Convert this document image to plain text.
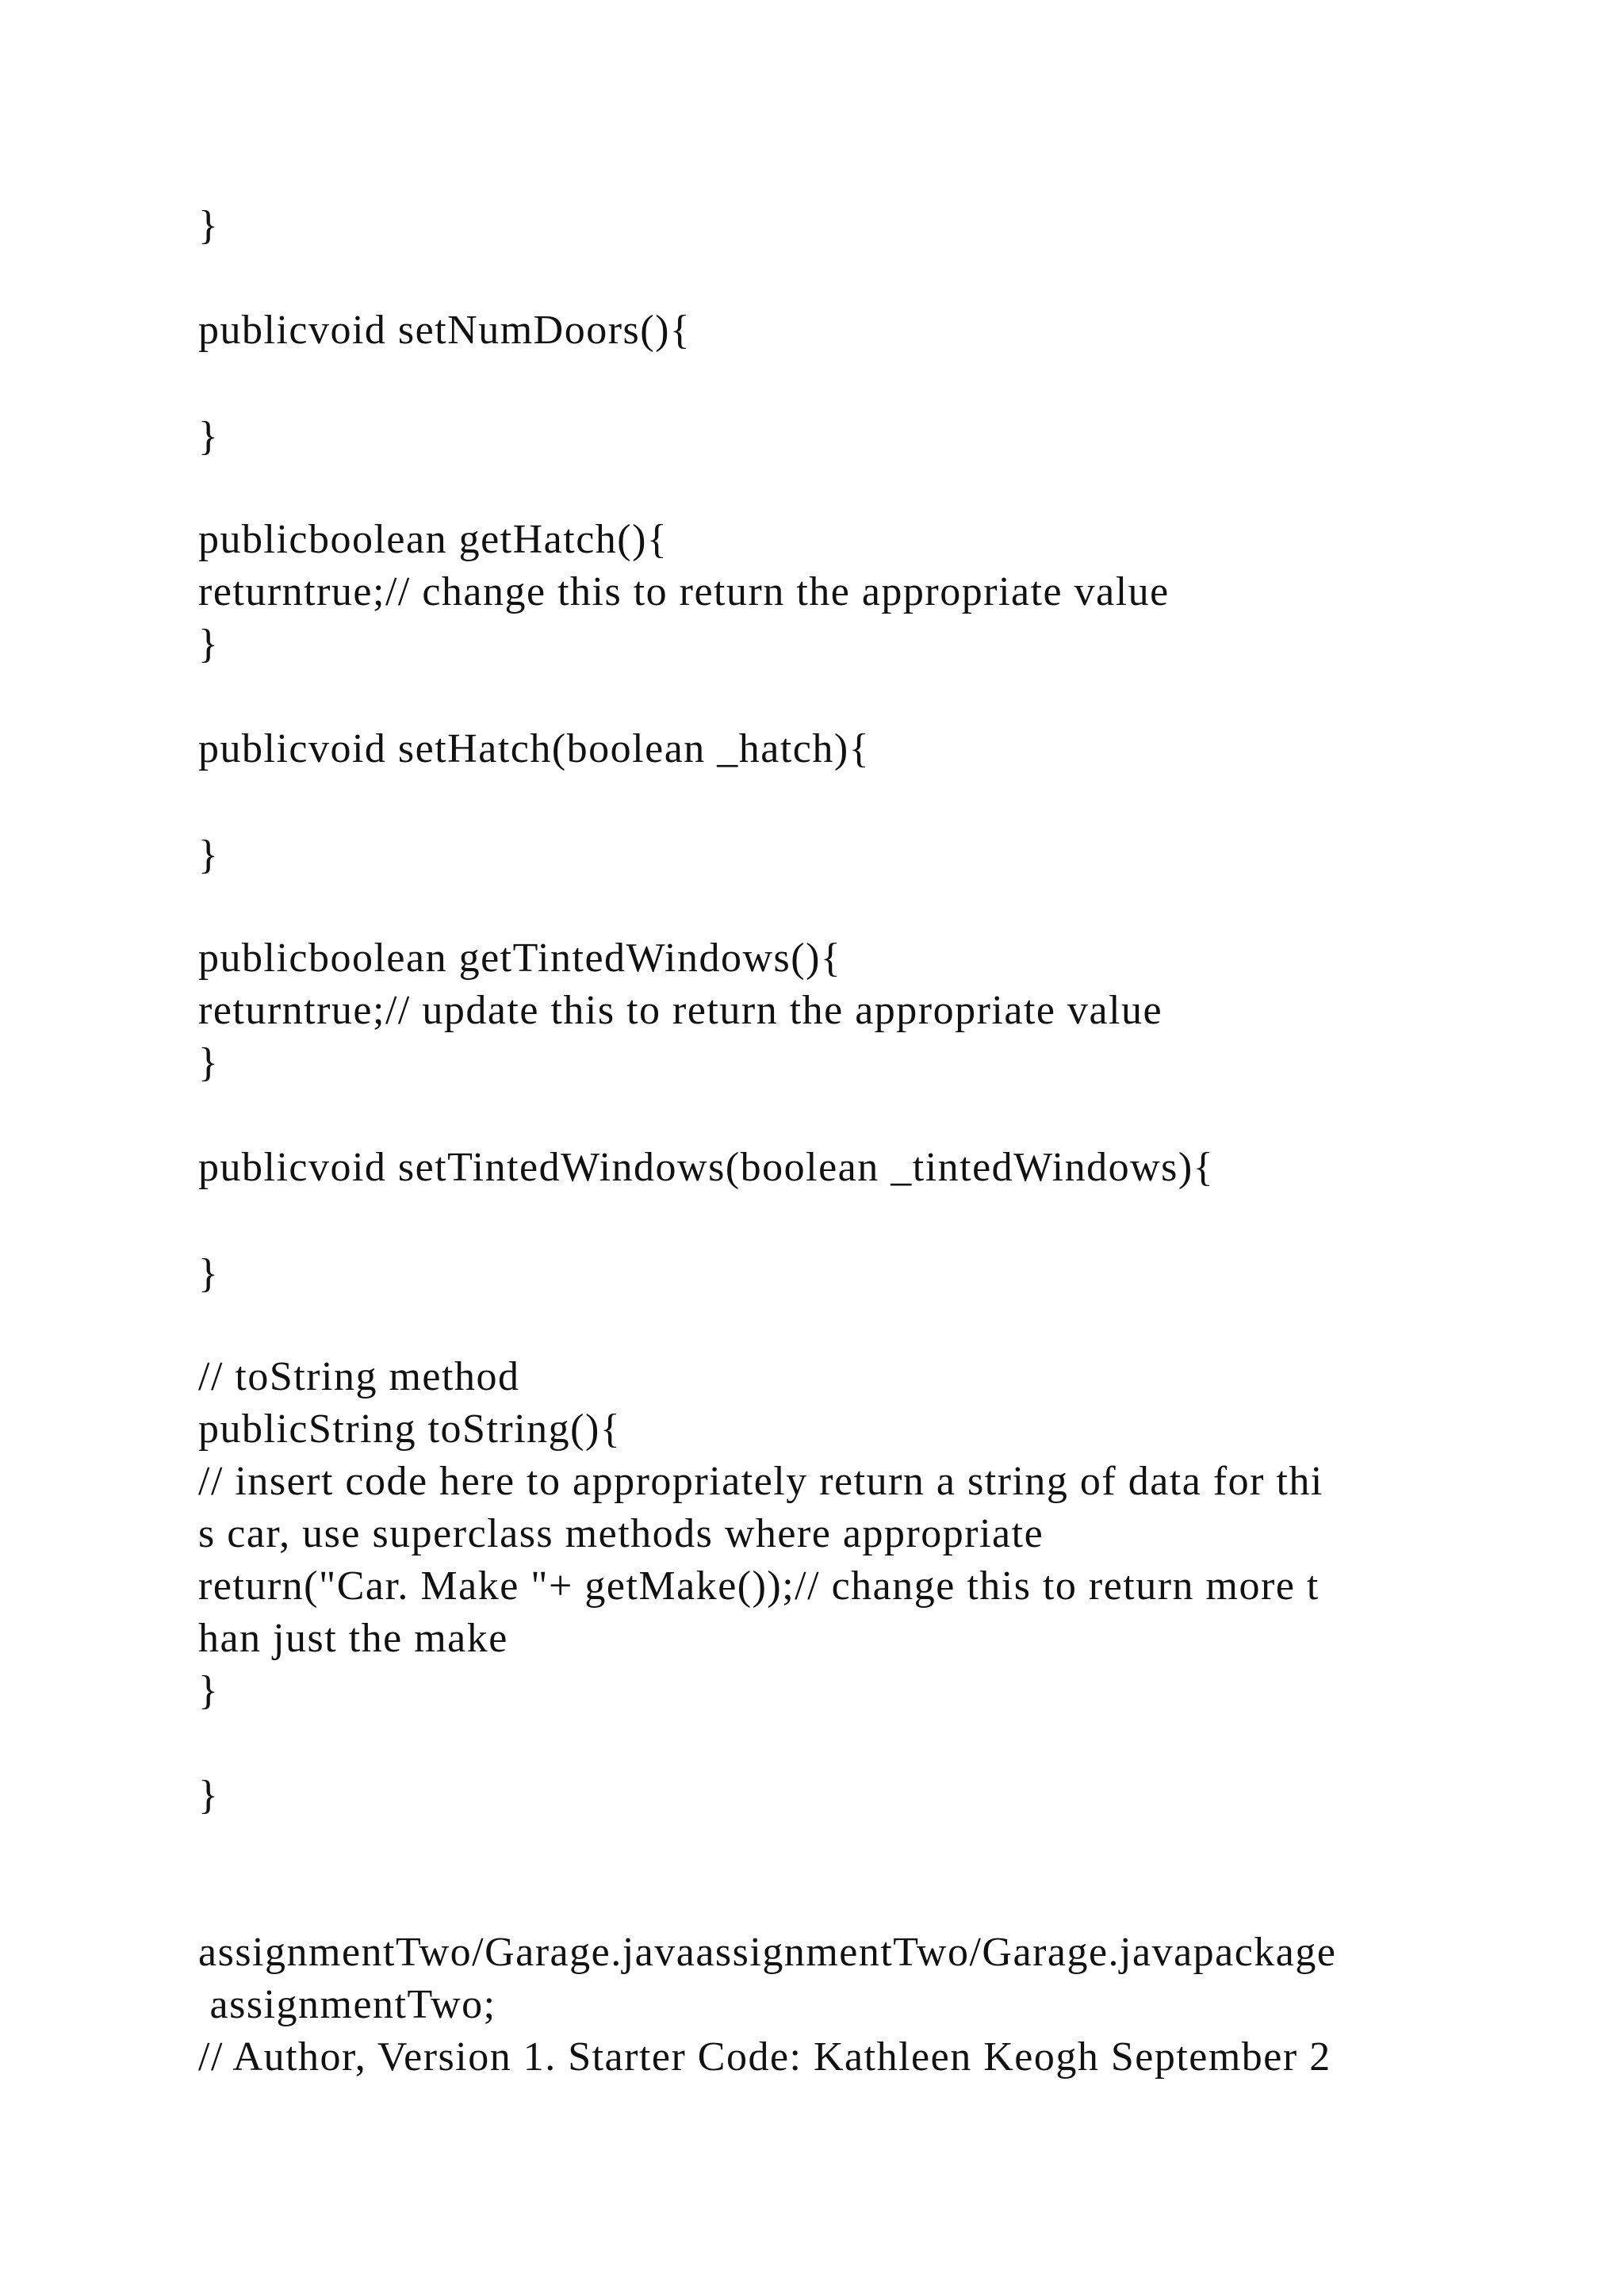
}

publicvoid setNumDoors(){

}

publicboolean getHatch(){

returntrue;// change this to return the appropriate value

}

publicvoid setHatch(boolean _hatch){

}

publicboolean getTintedWindows(){

returntrue;// update this to return the appropriate value

}

publicvoid setTintedWindows(boolean _tintedWindows){

}

// toString method

publicString toString(){

// insert code here to appropriately return a string of data for thi

s car, use superclass methods where appropriate

return("Car. Make "+ getMake());// change this to return more t

han just the make

}

}

assignmentTwo/Garage.javaassignmentTwo/Garage.javapackage

assignmentTwo;

// Author, Version 1. Starter Code: Kathleen Keogh September 2
